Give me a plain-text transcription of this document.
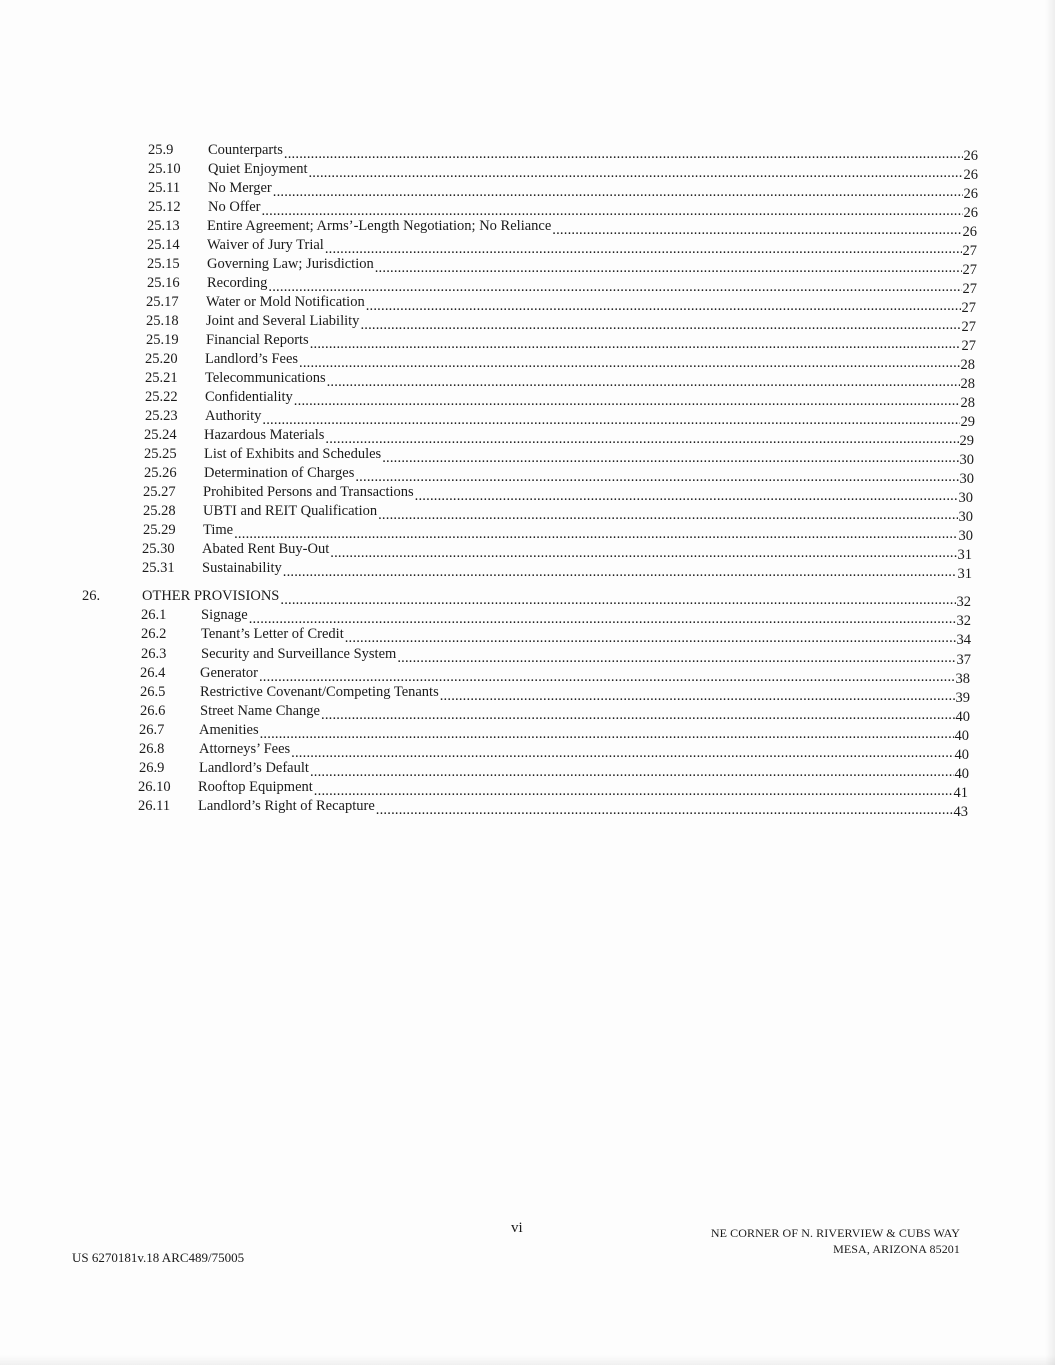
25.9 Counterparts .....	26
25.10 Quiet Enjoyment .....	26
25.11 No Merger .....	26
25.12 No Offer .....	26
25.13 Entire Agreement; Arms’-Length Negotiation; No Reliance .....	26
25.14 Waiver of Jury Trial .....	27
25.15 Governing Law; Jurisdiction .....	27
25.16 Recording .....	27
25.17 Water or Mold Notification .....	27
25.18 Joint and Several Liability .....	27
25.19 Financial Reports .....	27
25.20 Landlord’s Fees .....	28
25.21 Telecommunications .....	28
25.22 Confidentiality .....	28
25.23 Authority .....	29
25.24 Hazardous Materials .....	29
25.25 List of Exhibits and Schedules .....	30
25.26 Determination of Charges .....	30
25.27 Prohibited Persons and Transactions .....	30
25.28 UBTI and REIT Qualification .....	30
25.29 Time .....	30
25.30 Abated Rent Buy-Out .....	31
25.31 Sustainability .....	31
26.	OTHER PROVISIONS .....	32
26.1 Signage .....	32
26.2 Tenant’s Letter of Credit .....	34
26.3 Security and Surveillance System .....	37
26.4 Generator .....	38
26.5 Restrictive Covenant/Competing Tenants .....	39
26.6 Street Name Change .....	40
26.7 Amenities .....	40
26.8 Attorneys’ Fees .....	40
26.9 Landlord’s Default .....	40
26.10 Rooftop Equipment .....	41
26.11 Landlord’s Right of Recapture .....	43
vi	NE CORNER OF N. RIVERVIEW & CUBS WAY
MESA, ARIZONA 85201
US 6270181v.18 ARC489/75005
